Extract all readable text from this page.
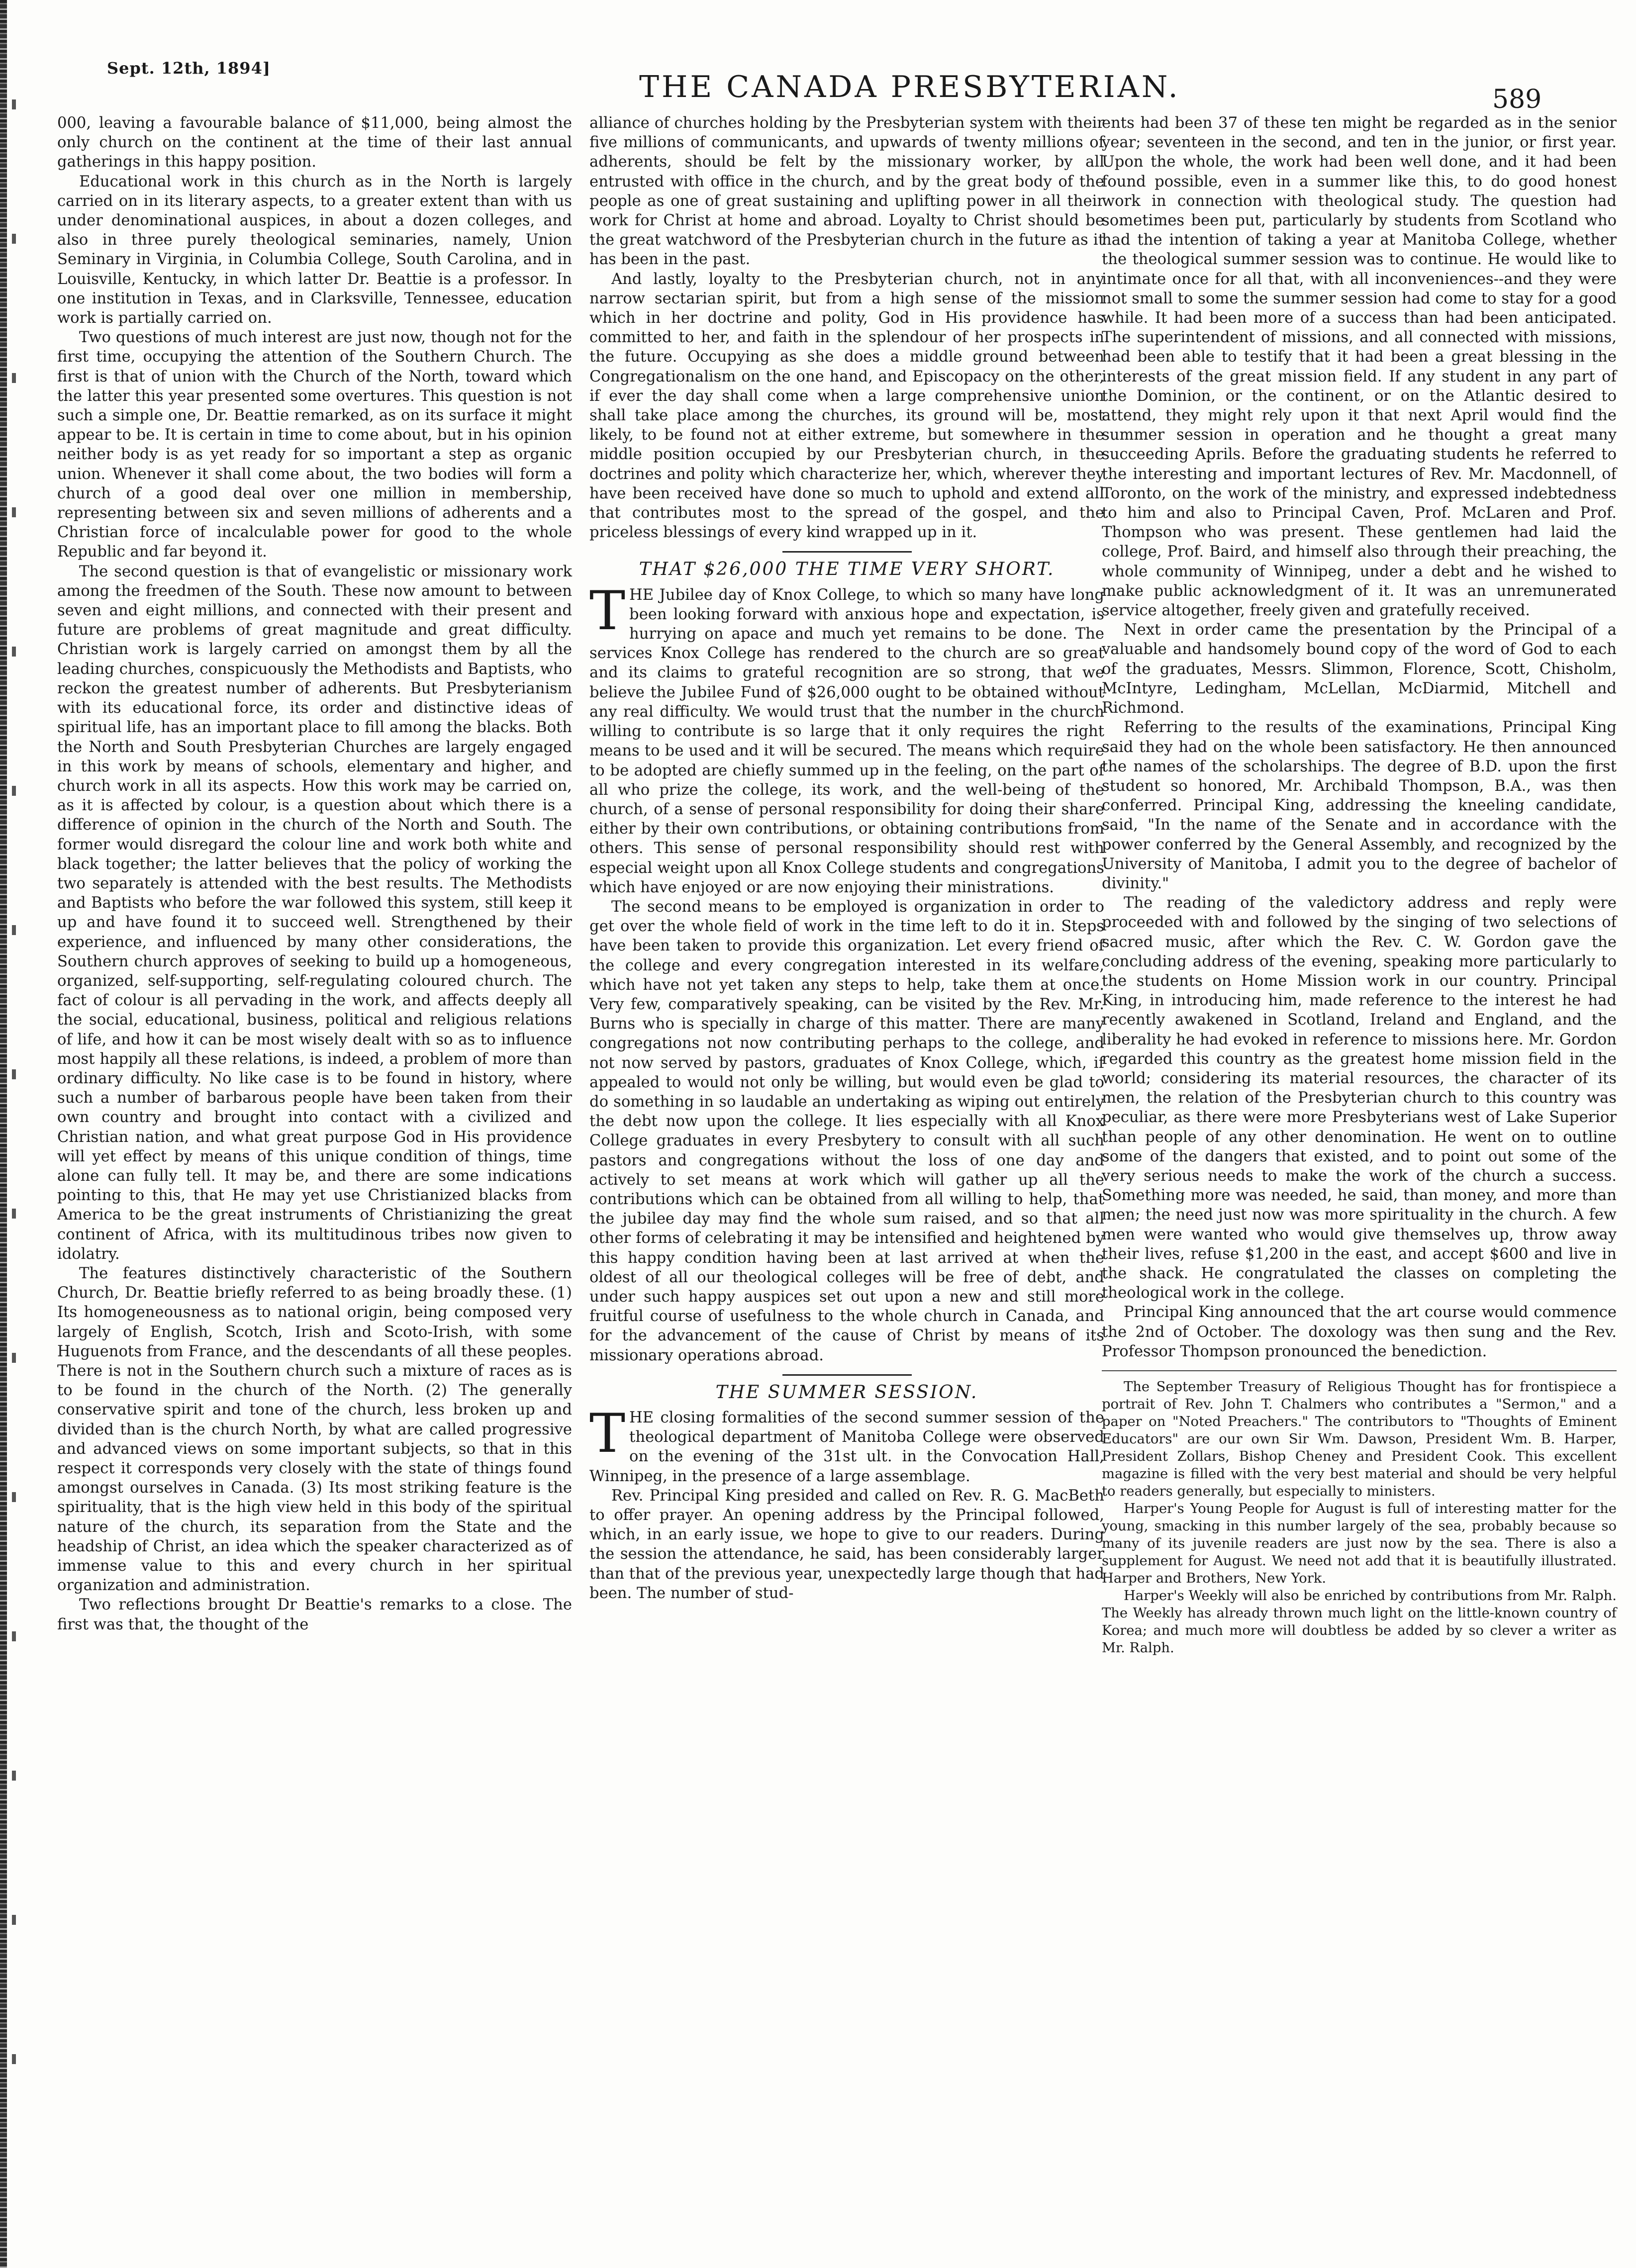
Sept. 12th, 1894]
THE CANADA PRESBYTERIAN.	589

000, leaving a favourable balance of $11,000, being almost the only church on the continent at the time of their last annual gatherings in this happy position.

Educational work in this church as in the North is largely carried on in its literary aspects, to a greater extent than with us under denominational auspices, in about a dozen colleges, and also in three purely theological seminaries, namely, Union Seminary in Virginia, in Columbia College, South Carolina, and in Louisville, Kentucky, in which latter Dr. Beattie is a professor. In one institution in Texas, and in Clarksville, Tennessee, education work is partially carried on.

Two questions of much interest are just now, though not for the first time, occupying the attention of the Southern Church. The first is that of union with the Church of the North, toward which the latter this year presented some overtures. This question is not such a simple one, Dr. Beattie remarked, as on its surface it might appear to be. It is certain in time to come about, but in his opinion neither body is as yet ready for so important a step as organic union. Whenever it shall come about, the two bodies will form a church of a good deal over one million in membership, representing between six and seven millions of adherents and a Christian force of incalculable power for good to the whole Republic and far beyond it.

The second question is that of evangelistic or missionary work among the freedmen of the South. These now amount to between seven and eight millions, and connected with their present and future are problems of great magnitude and great difficulty. Christian work is largely carried on amongst them by all the leading churches, conspicuously the Methodists and Baptists, who reckon the greatest number of adherents. But Presbyterianism with its educational force, its order and distinctive ideas of spiritual life, has an important place to fill among the blacks. Both the North and South Presbyterian Churches are largely engaged in this work by means of schools, elementary and higher, and church work in all its aspects. How this work may be carried on, as it is affected by colour, is a question about which there is a difference of opinion in the church of the North and South. The former would disregard the colour line and work both white and black together; the latter believes that the policy of working the two separately is attended with the best results. The Methodists and Baptists who before the war followed this system, still keep it up and have found it to succeed well. Strengthened by their experience, and influenced by many other considerations, the Southern church approves of seeking to build up a homogeneous, organized, self-supporting, self-regulating coloured church. The fact of colour is all pervading in the work, and affects deeply all the social, educational, business, political and religious relations of life, and how it can be most wisely dealt with so as to influence most happily all these relations, is indeed, a problem of more than ordinary difficulty. No like case is to be found in history, where such a number of barbarous people have been taken from their own country and brought into contact with a civilized and Christian nation, and what great purpose God in His providence will yet effect by means of this unique condition of things, time alone can fully tell. It may be, and there are some indications pointing to this, that He may yet use Christianized blacks from America to be the great instruments of Christianizing the great continent of Africa, with its multitudinous tribes now given to idolatry.

The features distinctively characteristic of the Southern Church, Dr. Beattie briefly referred to as being broadly these. (1) Its homogeneousness as to national origin, being composed very largely of English, Scotch, Irish and Scoto-Irish, with some Huguenots from France, and the descendants of all these peoples. There is not in the Southern church such a mixture of races as is to be found in the church of the North. (2) The generally conservative spirit and tone of the church, less broken up and divided than is the church North, by what are called progressive and advanced views on some important subjects, so that in this respect it corresponds very closely with the state of things found amongst ourselves in Canada. (3) Its most striking feature is the spirituality, that is the high view held in this body of the spiritual nature of the church, its separation from the State and the headship of Christ, an idea which the speaker characterized as of immense value to this and every church in her spiritual organization and administration.

Two reflections brought Dr Beattie's remarks to a close. The first was that, the thought of the

alliance of churches holding by the Presbyterian system with their five millions of communicants, and upwards of twenty millions of adherents, should be felt by the missionary worker, by all entrusted with office in the church, and by the great body of the people as one of great sustaining and uplifting power in all their work for Christ at home and abroad. Loyalty to Christ should be the great watchword of the Presbyterian church in the future as it has been in the past.

And lastly, loyalty to the Presbyterian church, not in any narrow sectarian spirit, but from a high sense of the mission which in her doctrine and polity, God in His providence has committed to her, and faith in the splendour of her prospects in the future. Occupying as she does a middle ground between Congregationalism on the one hand, and Episcopacy on the other, if ever the day shall come when a large comprehensive union shall take place among the churches, its ground will be, most likely, to be found not at either extreme, but somewhere in the middle position occupied by our Presbyterian church, in the doctrines and polity which characterize her, which, wherever they have been received have done so much to uphold and extend all that contributes most to the spread of the gospel, and the priceless blessings of every kind wrapped up in it.

THAT $26,000 THE TIME VERY SHORT.

THE Jubilee day of Knox College, to which so many have long been looking forward with anxious hope and expectation, is hurrying on apace and much yet remains to be done. The services Knox College has rendered to the church are so great and its claims to grateful recognition are so strong, that we believe the Jubilee Fund of $26,000 ought to be obtained without any real difficulty. We would trust that the number in the church willing to contribute is so large that it only requires the right means to be used and it will be secured. The means which require to be adopted are chiefly summed up in the feeling, on the part of all who prize the college, its work, and the well-being of the church, of a sense of personal responsibility for doing their share either by their own contributions, or obtaining contributions from others. This sense of personal responsibility should rest with especial weight upon all Knox College students and congregations which have enjoyed or are now enjoying their ministrations.

The second means to be employed is organization in order to get over the whole field of work in the time left to do it in. Steps have been taken to provide this organization. Let every friend of the college and every congregation interested in its welfare, which have not yet taken any steps to help, take them at once. Very few, comparatively speaking, can be visited by the Rev. Mr. Burns who is specially in charge of this matter. There are many congregations not now contributing perhaps to the college, and not now served by pastors, graduates of Knox College, which, if appealed to would not only be willing, but would even be glad to do something in so laudable an undertaking as wiping out entirely the debt now upon the college. It lies especially with all Knox College graduates in every Presbytery to consult with all such pastors and congregations without the loss of one day and actively to set means at work which will gather up all the contributions which can be obtained from all willing to help, that the jubilee day may find the whole sum raised, and so that all other forms of celebrating it may be intensified and heightened by this happy condition having been at last arrived at when the oldest of all our theological colleges will be free of debt, and under such happy auspices set out upon a new and still more fruitful course of usefulness to the whole church in Canada, and for the advancement of the cause of Christ by means of its missionary operations abroad.

THE SUMMER SESSION.

THE closing formalities of the second summer session of the theological department of Manitoba College were observed on the evening of the 31st ult. in the Convocation Hall, Winnipeg, in the presence of a large assemblage.

Rev. Principal King presided and called on Rev. R. G. MacBeth to offer prayer. An opening address by the Principal followed, which, in an early issue, we hope to give to our readers. During the session the attendance, he said, has been considerably larger than that of the previous year, unexpectedly large though that had been. The number of stud-

ents had been 37 of these ten might be regarded as in the senior year; seventeen in the second, and ten in the junior, or first year. Upon the whole, the work had been well done, and it had been found possible, even in a summer like this, to do good honest work in connection with theological study. The question had sometimes been put, particularly by students from Scotland who had the intention of taking a year at Manitoba College, whether the theological summer session was to continue. He would like to intimate once for all that, with all inconveniences--and they were not small to some the summer session had come to stay for a good while. It had been more of a success than had been anticipated. The superintendent of missions, and all connected with missions, had been able to testify that it had been a great blessing in the interests of the great mission field. If any student in any part of the Dominion, or the continent, or on the Atlantic desired to attend, they might rely upon it that next April would find the summer session in operation and he thought a great many succeeding Aprils. Before the graduating students he referred to the interesting and important lectures of Rev. Mr. Macdonnell, of Toronto, on the work of the ministry, and expressed indebtedness to him and also to Principal Caven, Prof. McLaren and Prof. Thompson who was present. These gentlemen had laid the college, Prof. Baird, and himself also through their preaching, the whole community of Winnipeg, under a debt and he wished to make public acknowledgment of it. It was an unremunerated service altogether, freely given and gratefully received.

Next in order came the presentation by the Principal of a valuable and handsomely bound copy of the word of God to each of the graduates, Messrs. Slimmon, Florence, Scott, Chisholm, McIntyre, Ledingham, McLellan, McDiarmid, Mitchell and Richmond.

Referring to the results of the examinations, Principal King said they had on the whole been satisfactory. He then announced the names of the scholarships. The degree of B.D. upon the first student so honored, Mr. Archibald Thompson, B.A., was then conferred. Principal King, addressing the kneeling candidate, said, "In the name of the Senate and in accordance with the power conferred by the General Assembly, and recognized by the University of Manitoba, I admit you to the degree of bachelor of divinity."

The reading of the valedictory address and reply were proceeded with and followed by the singing of two selections of sacred music, after which the Rev. C. W. Gordon gave the concluding address of the evening, speaking more particularly to the students on Home Mission work in our country. Principal King, in introducing him, made reference to the interest he had recently awakened in Scotland, Ireland and England, and the liberality he had evoked in reference to missions here. Mr. Gordon regarded this country as the greatest home mission field in the world; considering its material resources, the character of its men, the relation of the Presbyterian church to this country was peculiar, as there were more Presbyterians west of Lake Superior than people of any other denomination. He went on to outline some of the dangers that existed, and to point out some of the very serious needs to make the work of the church a success. Something more was needed, he said, than money, and more than men; the need just now was more spirituality in the church. A few men were wanted who would give themselves up, throw away their lives, refuse $1,200 in the east, and accept $600 and live in the shack. He congratulated the classes on completing the theological work in the college.

Principal King announced that the art course would commence the 2nd of October. The doxology was then sung and the Rev. Professor Thompson pronounced the benediction.

The September Treasury of Religious Thought has for frontispiece a portrait of Rev. John T. Chalmers who contributes a "Sermon," and a paper on "Noted Preachers." The contributors to "Thoughts of Eminent Educators" are our own Sir Wm. Dawson, President Wm. B. Harper, President Zollars, Bishop Cheney and President Cook. This excellent magazine is filled with the very best material and should be very helpful to readers generally, but especially to ministers.

Harper's Young People for August is full of interesting matter for the young, smacking in this number largely of the sea, probably because so many of its juvenile readers are just now by the sea. There is also a supplement for August. We need not add that it is beautifully illustrated. Harper and Brothers, New York.

Harper's Weekly will also be enriched by contributions from Mr. Ralph. The Weekly has already thrown much light on the little-known country of Korea; and much more will doubtless be added by so clever a writer as Mr. Ralph.
